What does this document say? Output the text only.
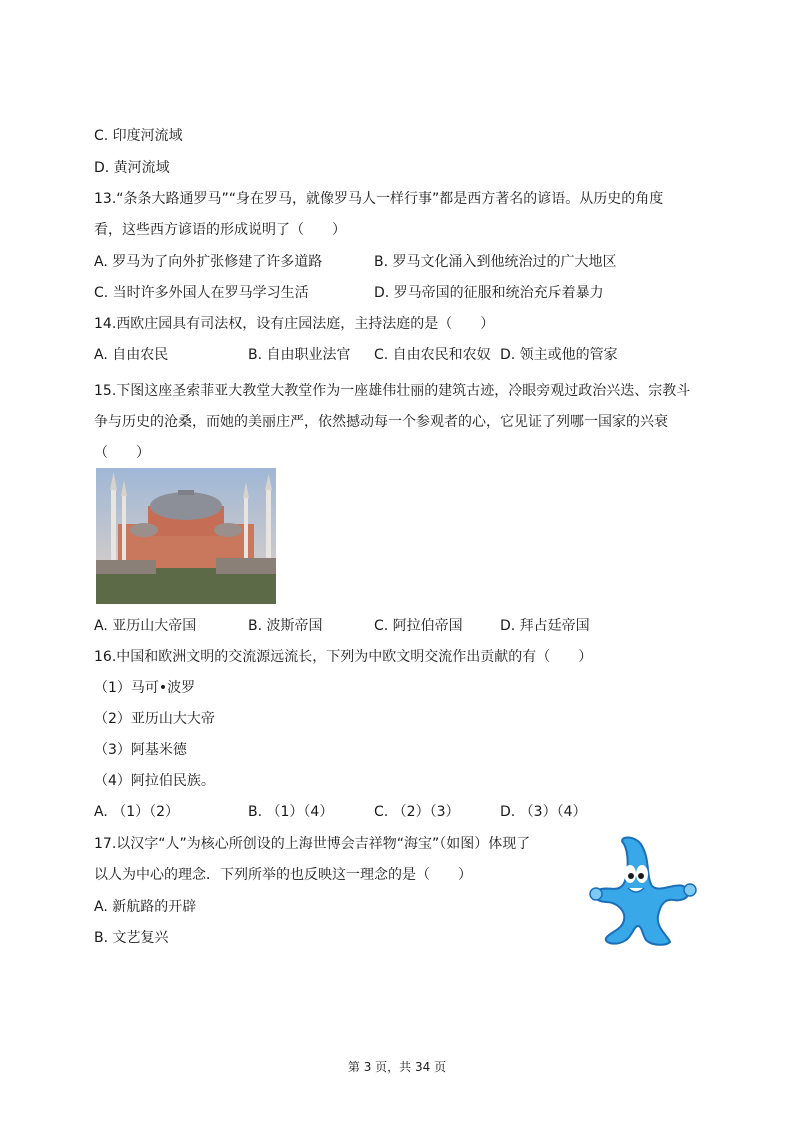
C. 印度河流域
D. 黄河流域
13.“条条大路通罗马”“身在罗马，就像罗马人一样行事”都是西方著名的谚语。从历史的角度
看，这些西方谚语的形成说明了（　　）
A. 罗马为了向外扩张修建了许多道路	B. 罗马文化涌入到他统治过的广大地区
C. 当时许多外国人在罗马学习生活	D. 罗马帝国的征服和统治充斥着暴力
14.西欧庄园具有司法权，设有庄园法庭，主持法庭的是（　　）
A. 自由农民	B. 自由职业法官 C. 自由农民和农奴 D. 领主或他的管家
15.下图这座圣索菲亚大教堂大教堂作为一座雄伟壮丽的建筑古迹，冷眼旁观过政治兴迭、宗教斗争与历史的沧桑，而她的美丽庄严，依然撼动每一个参观者的心，它见证了列哪一国家的兴衰（　　）
A. 亚历山大帝国	B. 波斯帝国	C. 阿拉伯帝国	D. 拜占廷帝国
16.中国和欧洲文明的交流源远流长，下列为中欧文明交流作出贡献的有（　　）
（1）马可•波罗
（2）亚历山大大帝
（3）阿基米德
（4）阿拉伯民族。
A. （1）（2）	B. （1）（4）	C. （2）（3）	D. （3）（4）
17.以汉字“人”为核心所创设的上海世博会吉祥物“海宝”（如图）体现了
以人为中心的理念．下列所举的也反映这一理念的是（　　）
A. 新航路的开辟
B. 文艺复兴
第 3 页，共 34 页
